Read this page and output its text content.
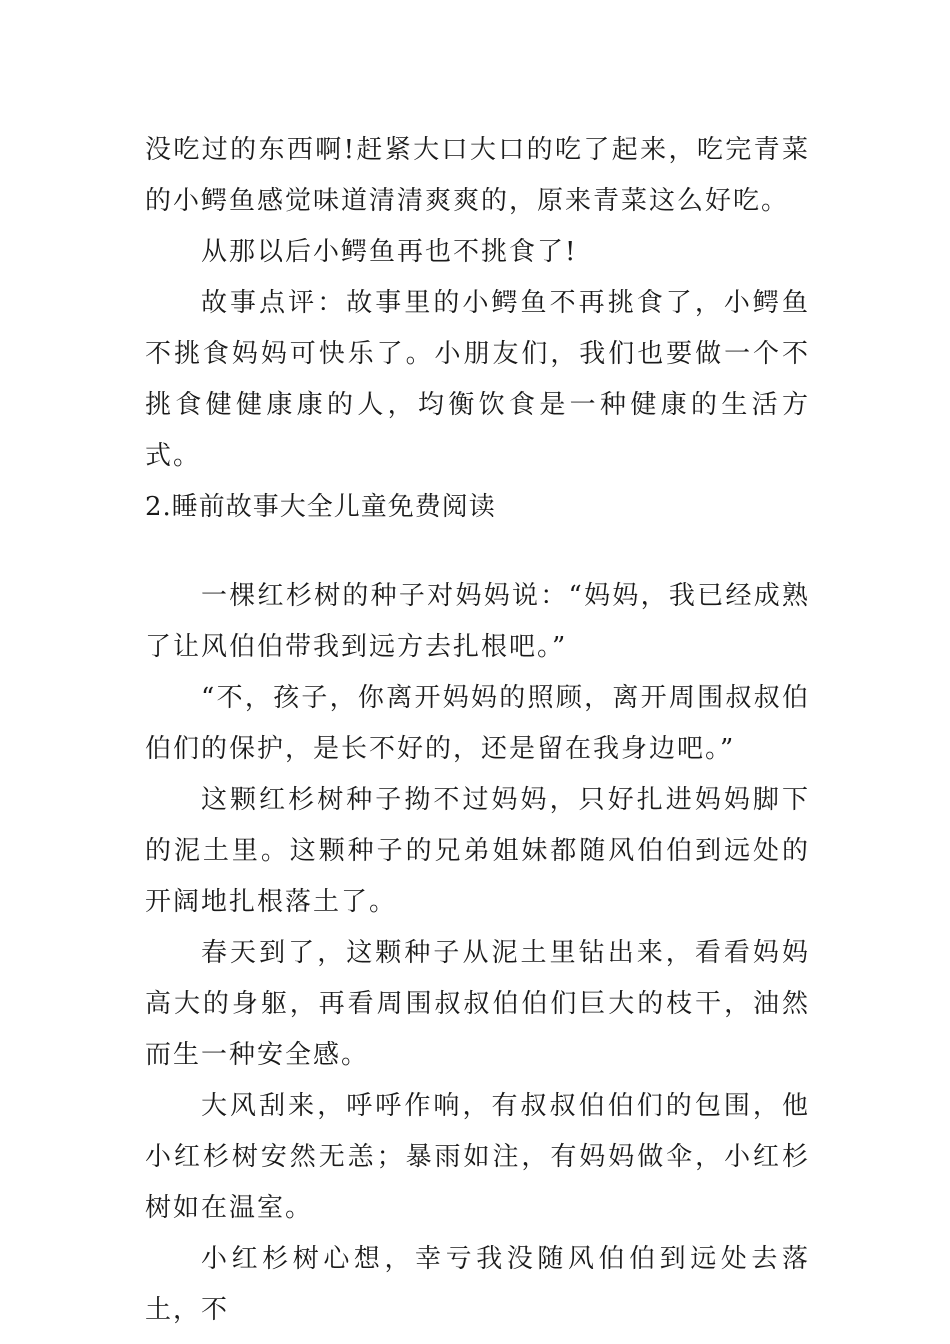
没吃过的东西啊!赶紧大口大口的吃了起来，吃完青菜的小鳄鱼感觉味道清清爽爽的，原来青菜这么好吃。

从那以后小鳄鱼再也不挑食了!

故事点评：故事里的小鳄鱼不再挑食了，小鳄鱼不挑食妈妈可快乐了。小朋友们，我们也要做一个不挑食健健康康的人，均衡饮食是一种健康的生活方式。

2.睡前故事大全儿童免费阅读

一棵红杉树的种子对妈妈说：“妈妈，我已经成熟了让风伯伯带我到远方去扎根吧。”

“不，孩子，你离开妈妈的照顾，离开周围叔叔伯伯们的保护，是长不好的，还是留在我身边吧。”

这颗红杉树种子拗不过妈妈，只好扎进妈妈脚下的泥土里。这颗种子的兄弟姐妹都随风伯伯到远处的开阔地扎根落土了。

春天到了，这颗种子从泥土里钻出来，看看妈妈高大的身躯，再看周围叔叔伯伯们巨大的枝干，油然而生一种安全感。

大风刮来，呼呼作响，有叔叔伯伯们的包围，他小红杉树安然无恙；暴雨如注，有妈妈做伞，小红杉树如在温室。

小红杉树心想，幸亏我没随风伯伯到远处去落土，不
